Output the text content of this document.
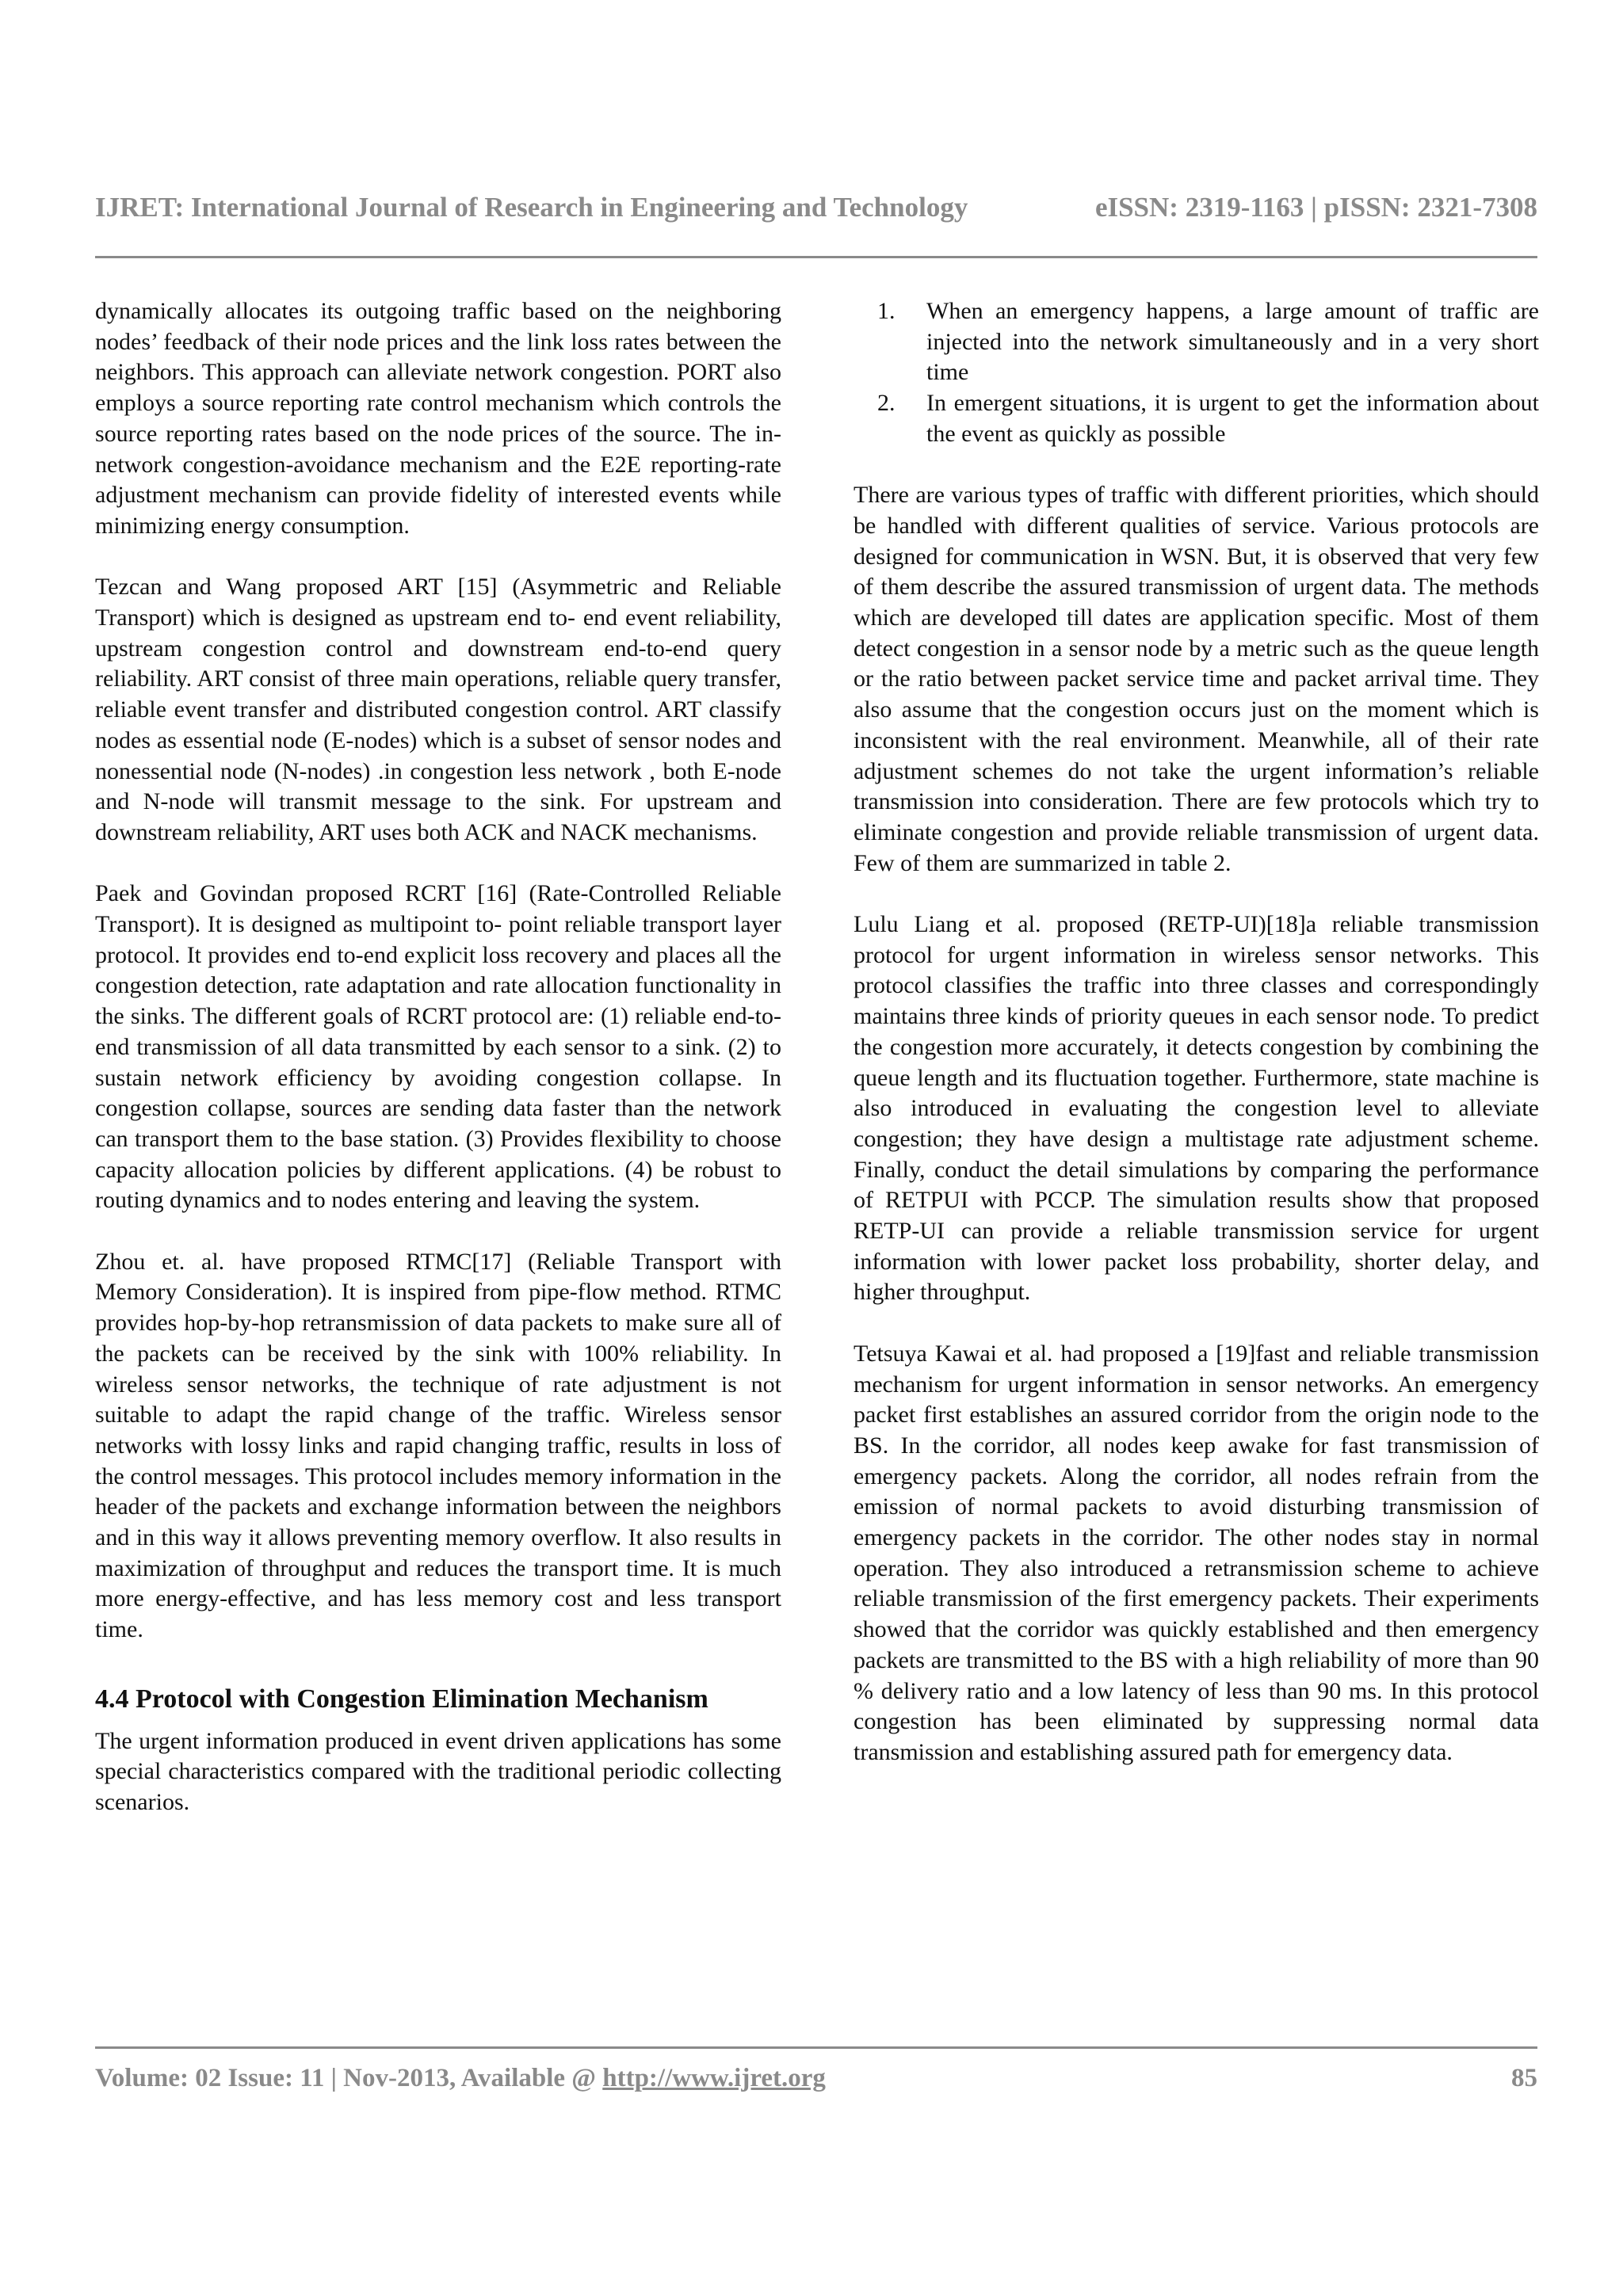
IJRET: International Journal of Research in Engineering and Technology	eISSN: 2319-1163 | pISSN: 2321-7308

dynamically allocates its outgoing traffic based on the neighboring nodes’ feedback of their node prices and the link loss rates between the neighbors. This approach can alleviate network congestion. PORT also employs a source reporting rate control mechanism which controls the source reporting rates based on the node prices of the source. The in-network congestion-avoidance mechanism and the E2E reporting-rate adjustment mechanism can provide fidelity of interested events while minimizing energy consumption.

Tezcan and Wang proposed ART [15] (Asymmetric and Reliable Transport) which is designed as upstream end to- end event reliability, upstream congestion control and downstream end-to-end query reliability. ART consist of three main operations, reliable query transfer, reliable event transfer and distributed congestion control. ART classify nodes as essential node (E-nodes) which is a subset of sensor nodes and nonessential node (N-nodes) .in congestion less network , both E-node and N-node will transmit message to the sink. For upstream and downstream reliability, ART uses both ACK and NACK mechanisms.

Paek and Govindan proposed RCRT [16] (Rate-Controlled Reliable Transport). It is designed as multipoint to- point reliable transport layer protocol. It provides end to-end explicit loss recovery and places all the congestion detection, rate adaptation and rate allocation functionality in the sinks. The different goals of RCRT protocol are: (1) reliable end-to-end transmission of all data transmitted by each sensor to a sink. (2) to sustain network efficiency by avoiding congestion collapse. In congestion collapse, sources are sending data faster than the network can transport them to the base station. (3) Provides flexibility to choose capacity allocation policies by different applications. (4) be robust to routing dynamics and to nodes entering and leaving the system.

Zhou et. al. have proposed RTMC[17] (Reliable Transport with Memory Consideration). It is inspired from pipe-flow method. RTMC provides hop-by-hop retransmission of data packets to make sure all of the packets can be received by the sink with 100% reliability. In wireless sensor networks, the technique of rate adjustment is not suitable to adapt the rapid change of the traffic. Wireless sensor networks with lossy links and rapid changing traffic, results in loss of the control messages. This protocol includes memory information in the header of the packets and exchange information between the neighbors and in this way it allows preventing memory overflow. It also results in maximization of throughput and reduces the transport time. It is much more energy-effective, and has less memory cost and less transport time.

4.4 Protocol with Congestion Elimination Mechanism

The urgent information produced in event driven applications has some special characteristics compared with the traditional periodic collecting scenarios.

1.	When an emergency happens, a large amount of traffic are injected into the network simultaneously and in a very short time
2.	In emergent situations, it is urgent to get the information about the event as quickly as possible

There are various types of traffic with different priorities, which should be handled with different qualities of service. Various protocols are designed for communication in WSN. But, it is observed that very few of them describe the assured transmission of urgent data. The methods which are developed till dates are application specific. Most of them detect congestion in a sensor node by a metric such as the queue length or the ratio between packet service time and packet arrival time. They also assume that the congestion occurs just on the moment which is inconsistent with the real environment. Meanwhile, all of their rate adjustment schemes do not take the urgent information’s reliable transmission into consideration. There are few protocols which try to eliminate congestion and provide reliable transmission of urgent data. Few of them are summarized in table 2.

Lulu Liang et al. proposed (RETP-UI)[18]a reliable transmission protocol for urgent information in wireless sensor networks. This protocol classifies the traffic into three classes and correspondingly maintains three kinds of priority queues in each sensor node. To predict the congestion more accurately, it detects congestion by combining the queue length and its fluctuation together. Furthermore, state machine is also introduced in evaluating the congestion level to alleviate congestion; they have design a multistage rate adjustment scheme. Finally, conduct the detail simulations by comparing the performance of RETPUI with PCCP. The simulation results show that proposed RETP-UI can provide a reliable transmission service for urgent information with lower packet loss probability, shorter delay, and higher throughput.

Tetsuya Kawai et al. had proposed a [19]fast and reliable transmission mechanism for urgent information in sensor networks. An emergency packet first establishes an assured corridor from the origin node to the BS. In the corridor, all nodes keep awake for fast transmission of emergency packets. Along the corridor, all nodes refrain from the emission of normal packets to avoid disturbing transmission of emergency packets in the corridor. The other nodes stay in normal operation. They also introduced a retransmission scheme to achieve reliable transmission of the first emergency packets. Their experiments showed that the corridor was quickly established and then emergency packets are transmitted to the BS with a high reliability of more than 90 % delivery ratio and a low latency of less than 90 ms. In this protocol congestion has been eliminated by suppressing normal data transmission and establishing assured path for emergency data.

Volume: 02 Issue: 11 | Nov-2013, Available @ http://www.ijret.org	85
